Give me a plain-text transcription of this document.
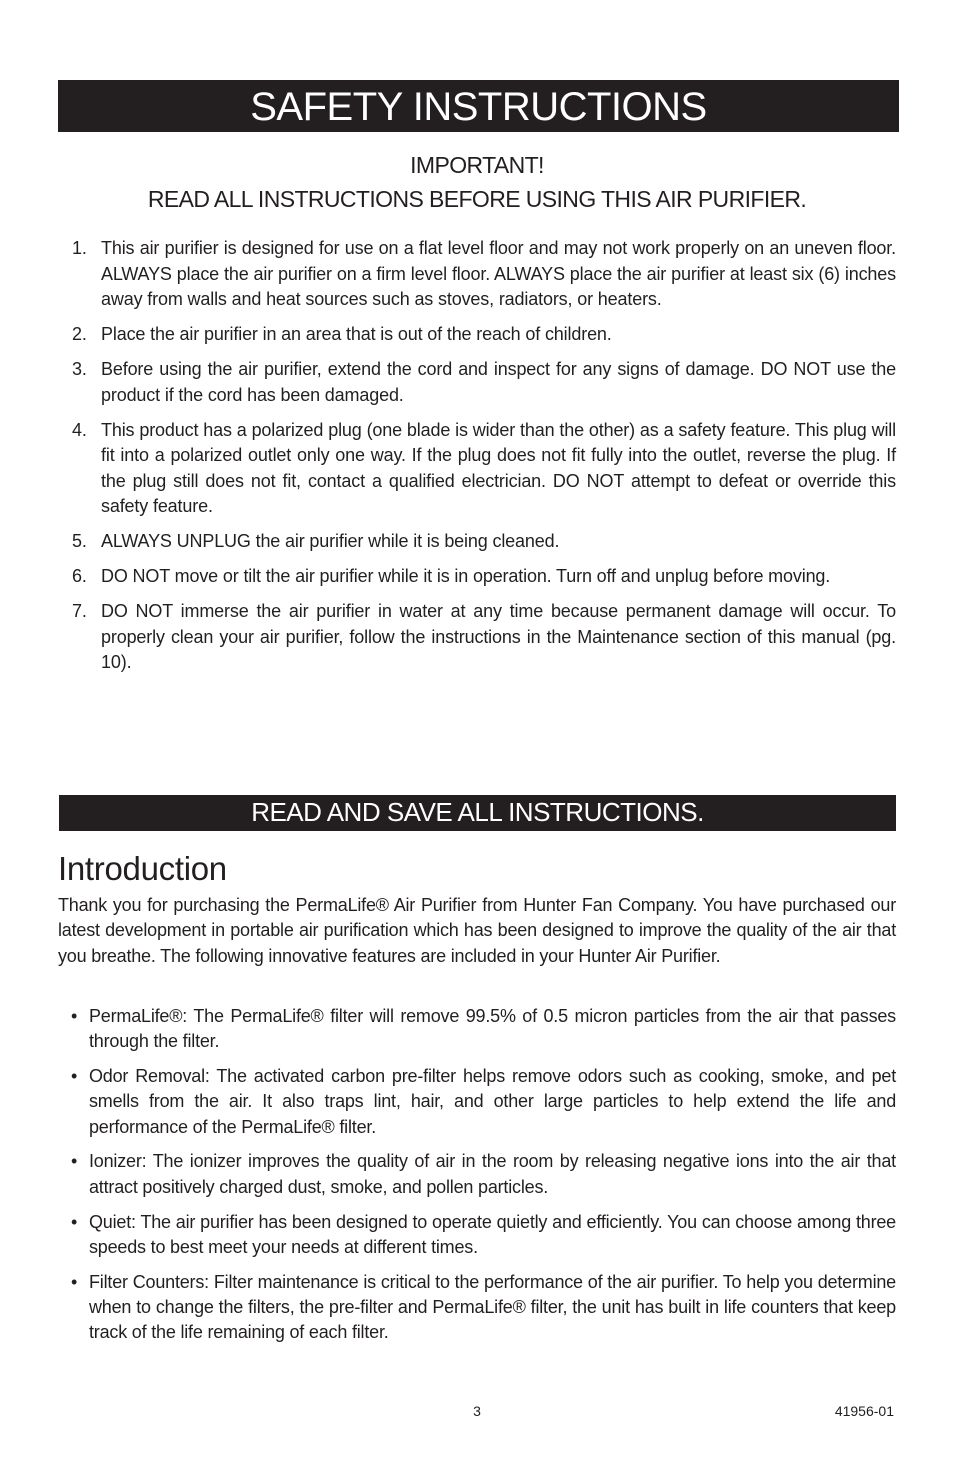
SAFETY INSTRUCTIONS
IMPORTANT!
READ ALL INSTRUCTIONS BEFORE USING THIS AIR PURIFIER.
1. This air purifier is designed for use on a flat level floor and may not work properly on an uneven floor. ALWAYS place the air purifier on a firm level floor. ALWAYS place the air purifier at least six (6) inches away from walls and heat sources such as stoves, radiators, or heaters.
2. Place the air purifier in an area that is out of the reach of children.
3. Before using the air purifier, extend the cord and inspect for any signs of damage. DO NOT use the product if the cord has been damaged.
4. This product has a polarized plug (one blade is wider than the other) as a safety feature. This plug will fit into a polarized outlet only one way. If the plug does not fit fully into the outlet, reverse the plug. If the plug still does not fit, contact a qualified electrician. DO NOT attempt to defeat or override this safety feature.
5. ALWAYS UNPLUG the air purifier while it is being cleaned.
6. DO NOT move or tilt the air purifier while it is in operation. Turn off and unplug before moving.
7. DO NOT immerse the air purifier in water at any time because permanent damage will occur. To properly clean your air purifier, follow the instructions in the Maintenance section of this manual (pg. 10).
READ AND SAVE ALL INSTRUCTIONS.
Introduction

Thank you for purchasing the PermaLife® Air Purifier from Hunter Fan Company. You have purchased our latest development in portable air purification which has been designed to improve the quality of the air that you breathe. The following innovative features are included in your Hunter Air Purifier.

• PermaLife®: The PermaLife® filter will remove 99.5% of 0.5 micron particles from the air that passes through the filter.
• Odor Removal: The activated carbon pre-filter helps remove odors such as cooking, smoke, and pet smells from the air. It also traps lint, hair, and other large particles to help extend the life and performance of the PermaLife® filter.
• Ionizer: The ionizer improves the quality of air in the room by releasing negative ions into the air that attract positively charged dust, smoke, and pollen particles.
• Quiet: The air purifier has been designed to operate quietly and efficiently. You can choose among three speeds to best meet your needs at different times.
• Filter Counters: Filter maintenance is critical to the performance of the air purifier. To help you determine when to change the filters, the pre-filter and PermaLife® filter, the unit has built in life counters that keep track of the life remaining of each filter.
3	41956-01
